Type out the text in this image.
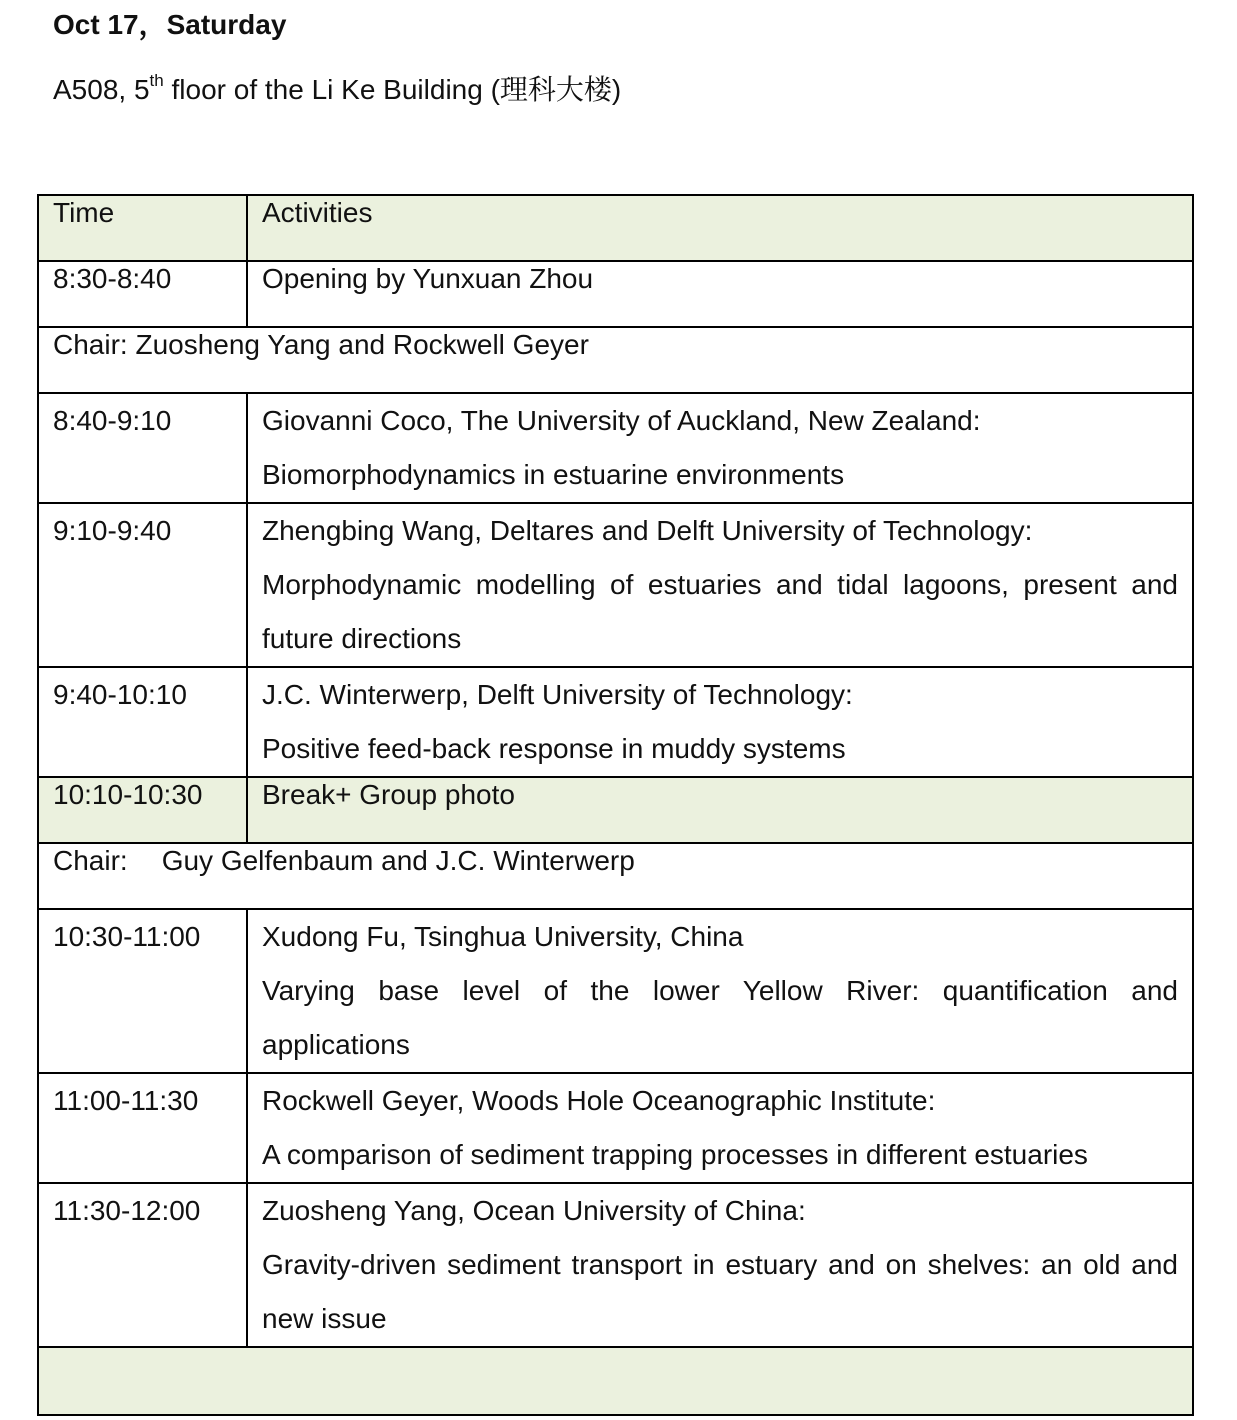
Oct 17，Saturday
A508, 5th floor of the Li Ke Building (理科大楼)
Time	Activities
8:30-8:40	Opening by Yunxuan Zhou
Chair: Zuosheng Yang and Rockwell Geyer	
8:40-9:10	Giovanni Coco, The University of Auckland, New Zealand:
Biomorphodynamics in estuarine environments

9:10-9:40	Zhengbing Wang, Deltares and Delft University of Technology:
Morphodynamic modelling of estuaries and tidal lagoons, present and future directions

9:40-10:10	J.C. Winterwerp, Delft University of Technology:
Positive feed-back response in muddy systems

10:10-10:30	Break+ Group photo
Chair: Guy Gelfenbaum and J.C. Winterwerp	
10:30-11:00	Xudong Fu, Tsinghua University, China
Varying base level of the lower Yellow River: quantification and applications

11:00-11:30	Rockwell Geyer, Woods Hole Oceanographic Institute:
A comparison of sediment trapping processes in different estuaries

11:30-12:00	Zuosheng Yang, Ocean University of China:
Gravity-driven sediment transport in estuary and on shelves: an old and new issue
